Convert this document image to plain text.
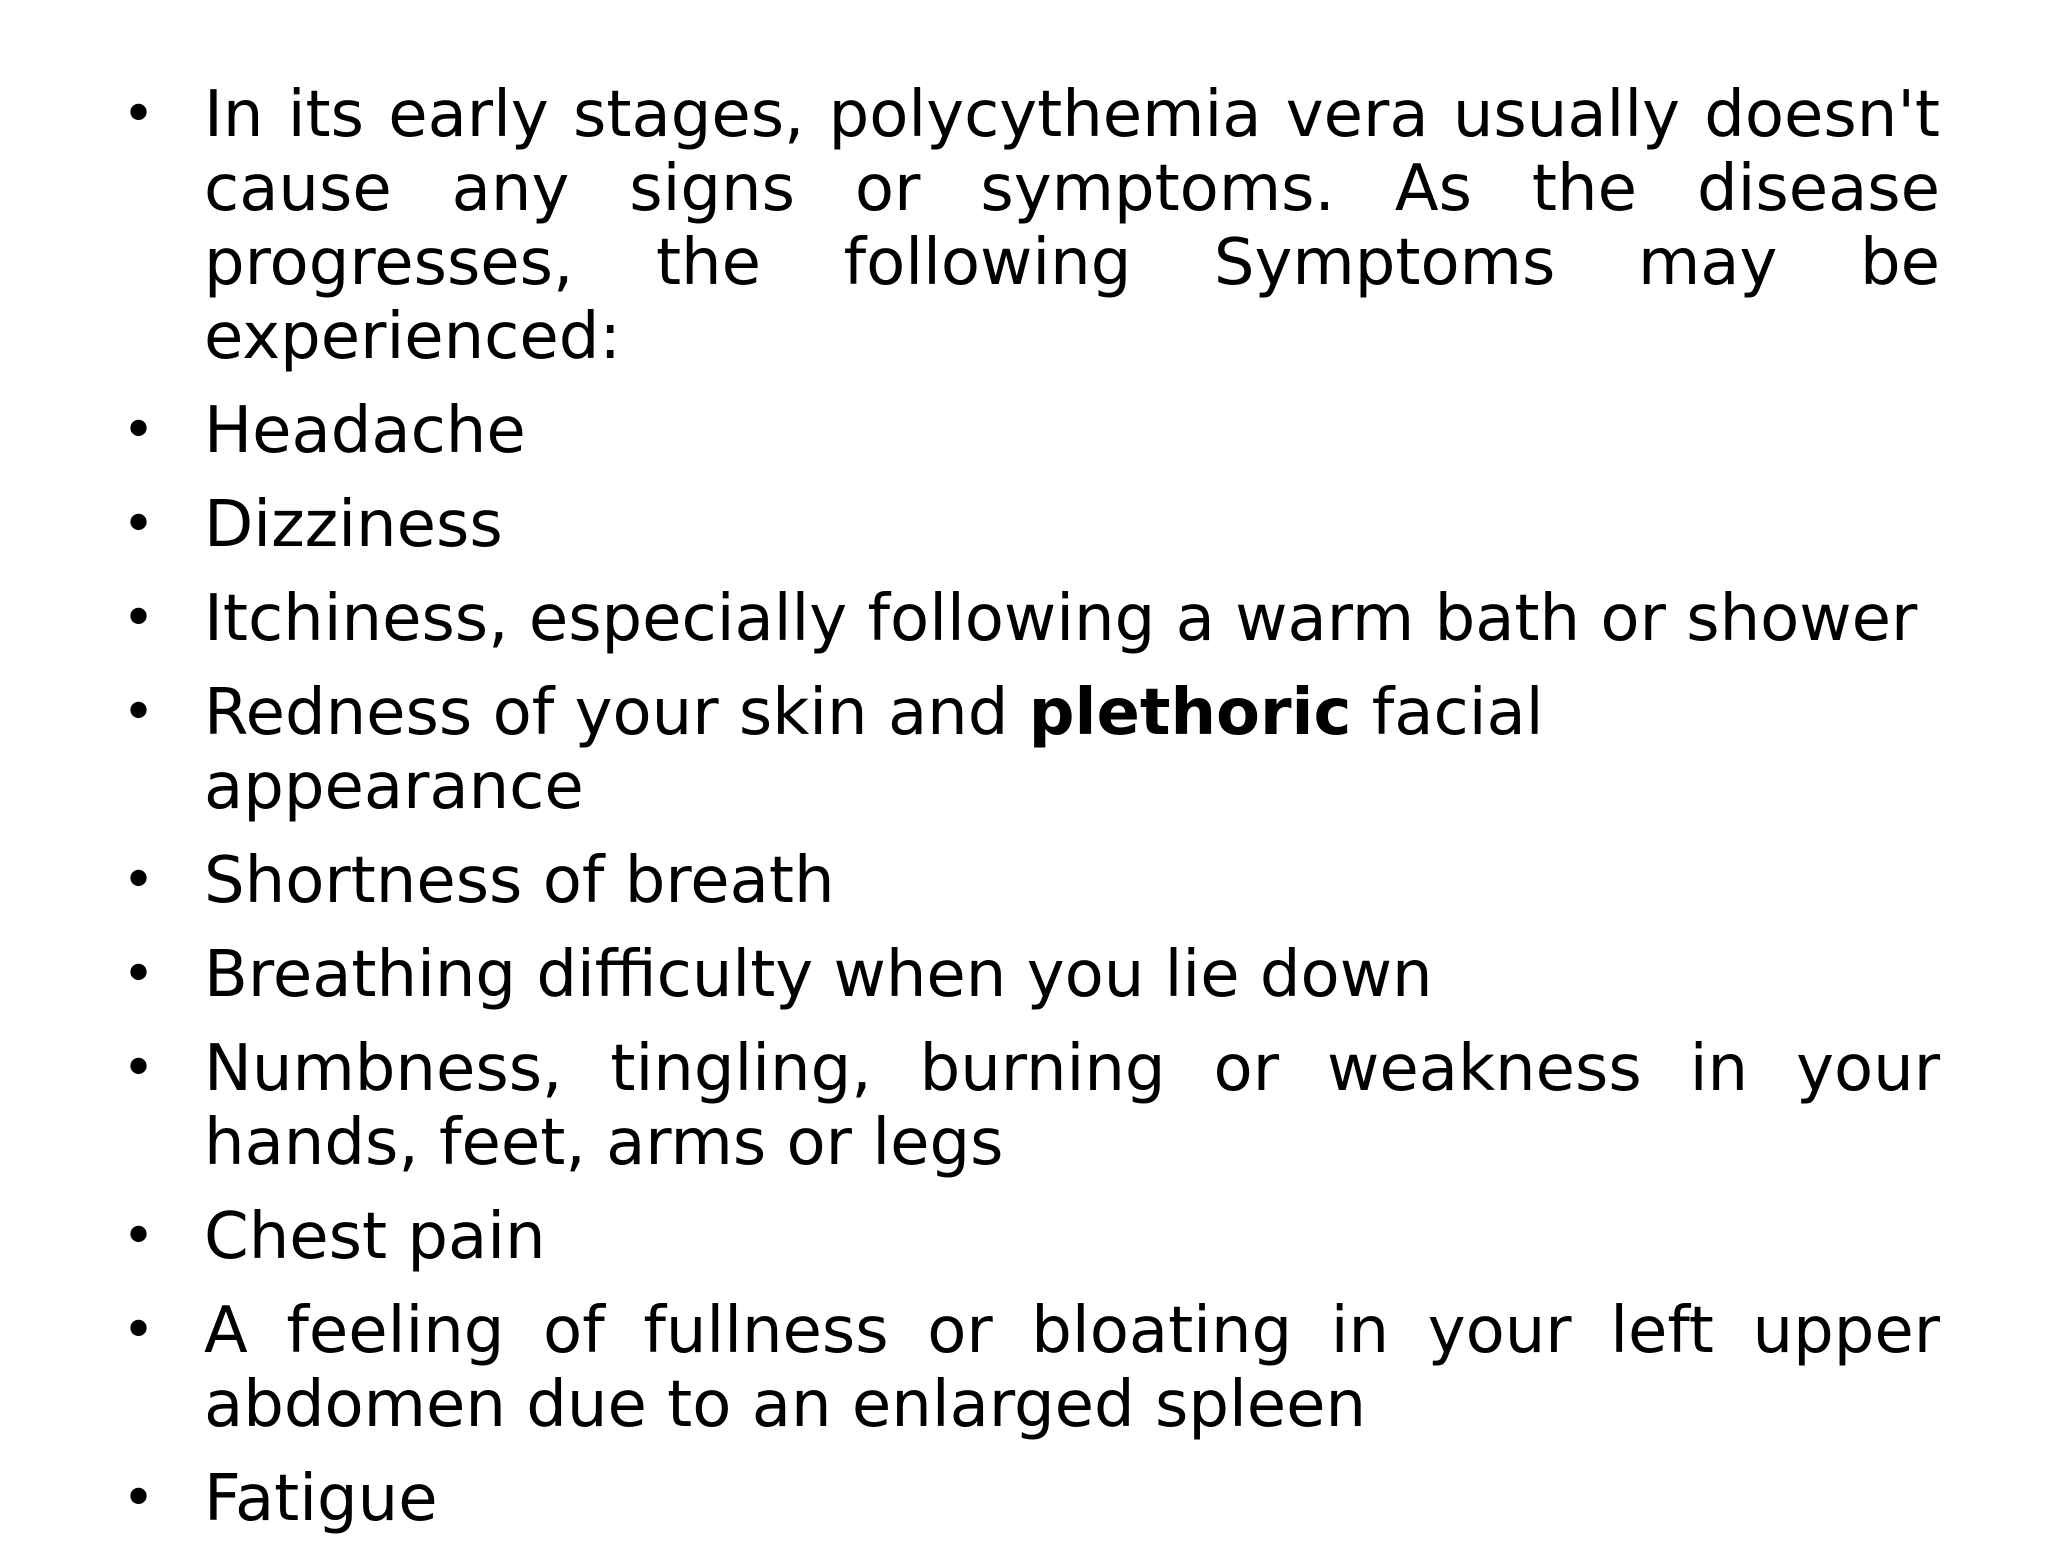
• In its early stages, polycythemia vera usually doesn't cause any signs or symptoms. As the disease progresses, the following Symptoms may be experienced:
• Headache
• Dizziness
• Itchiness, especially following a warm bath or shower
• Redness of your skin and plethoric facial appearance
• Shortness of breath
• Breathing difficulty when you lie down
• Numbness, tingling, burning or weakness in your hands, feet, arms or legs
• Chest pain
• A feeling of fullness or bloating in your left upper abdomen due to an enlarged spleen
• Fatigue
